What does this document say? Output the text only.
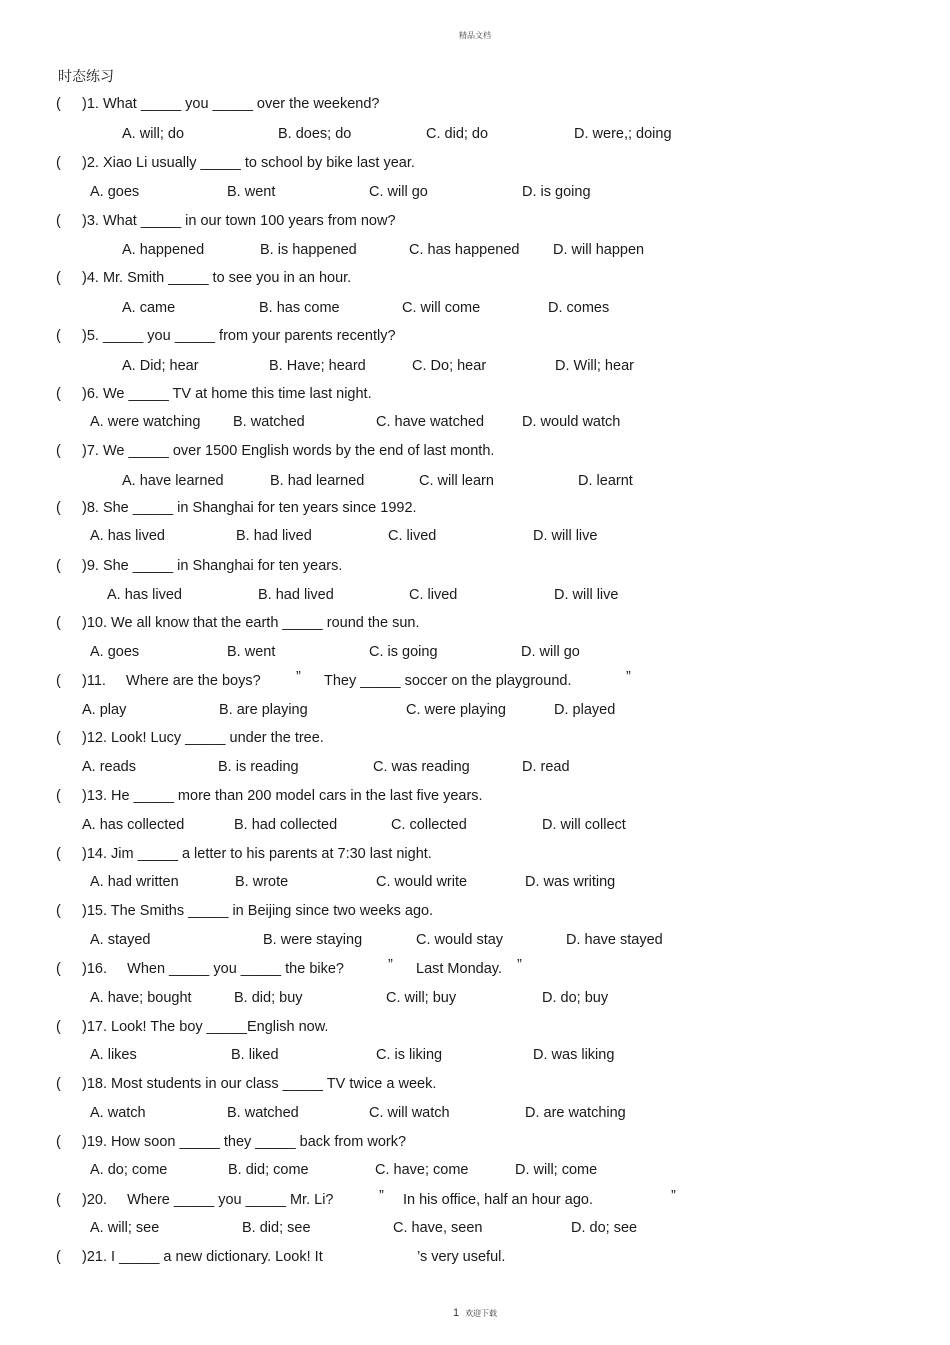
精品文档
时态练习
( )1. What _____ you _____ over the weekend?
A. will; do	B. does; do	C. did; do	D. were,; doing
( )2. Xiao Li usually _____ to school by bike last year.
A. goes	B. went	C. will go	D. is going
( )3. What _____ in our town 100 years from now?
A. happened	B. is happened	C. has happened D. will happen
( )4. Mr. Smith _____ to see you in an hour.
A. came	B. has come	C. will come	D. comes
( )5. _____ you _____ from your parents recently?
A. Did; hear	B. Have; heard	C. Do; hear	D. Will; hear
( )6. We _____ TV at home this time last night.
A. were watching B. watched	C. have watched	D. would watch
( )7. We _____ over 1500 English words by the end of last month.
A. have learned	B. had learned	C. will learn	D. learnt
( )8. She _____ in Shanghai for ten years since 1992.
A. has lived	B. had lived	C. lived	D. will live
( )9. She _____ in Shanghai for ten years.
A. has lived	B. had lived	C. lived	D. will live
( )10. We all know that the earth _____ round the sun.
A. goes	B. went	C. is going	D. will go
( )11.     Where are the boys? ” They _____ soccer on the playground.	”
A. play	B. are playing	C. were playing	D. played
( )12. Look! Lucy _____ under the tree.
A. reads	B. is reading	C. was reading	D. read
( )13. He _____ more than 200 model cars in the last five years.
A. has collected	B. had collected	C. collected	D. will collect
( )14. Jim _____ a letter to his parents at 7:30 last night.
A. had written	B. wrote	C. would write	D. was writing
( )15. The Smiths _____ in Beijing since two weeks ago.
A. stayed	B. were staying	C. would stay	D. have stayed
( )16.     When _____ you _____ the bike?	” Last Monday. ”
A. have; bought	B. did; buy	C. will; buy	D. do; buy
( )17. Look! The boy _____English now.
A. likes	B. liked	C. is liking	D. was liking
( )18. Most students in our class _____ TV twice a week.
A. watch	B. watched	C. will watch	D. are watching
( )19. How soon _____ they _____ back from work?
A. do; come	B. did; come	C. have; come	D. will; come
( )20.     Where _____ you _____ Mr. Li?	” In his office, half an hour ago.	”
A. will; see	B. did; see	C. have, seen	D. do; see
( )21. I _____ a new dictionary. Look! It	’s very useful.
1 欢迎下载
